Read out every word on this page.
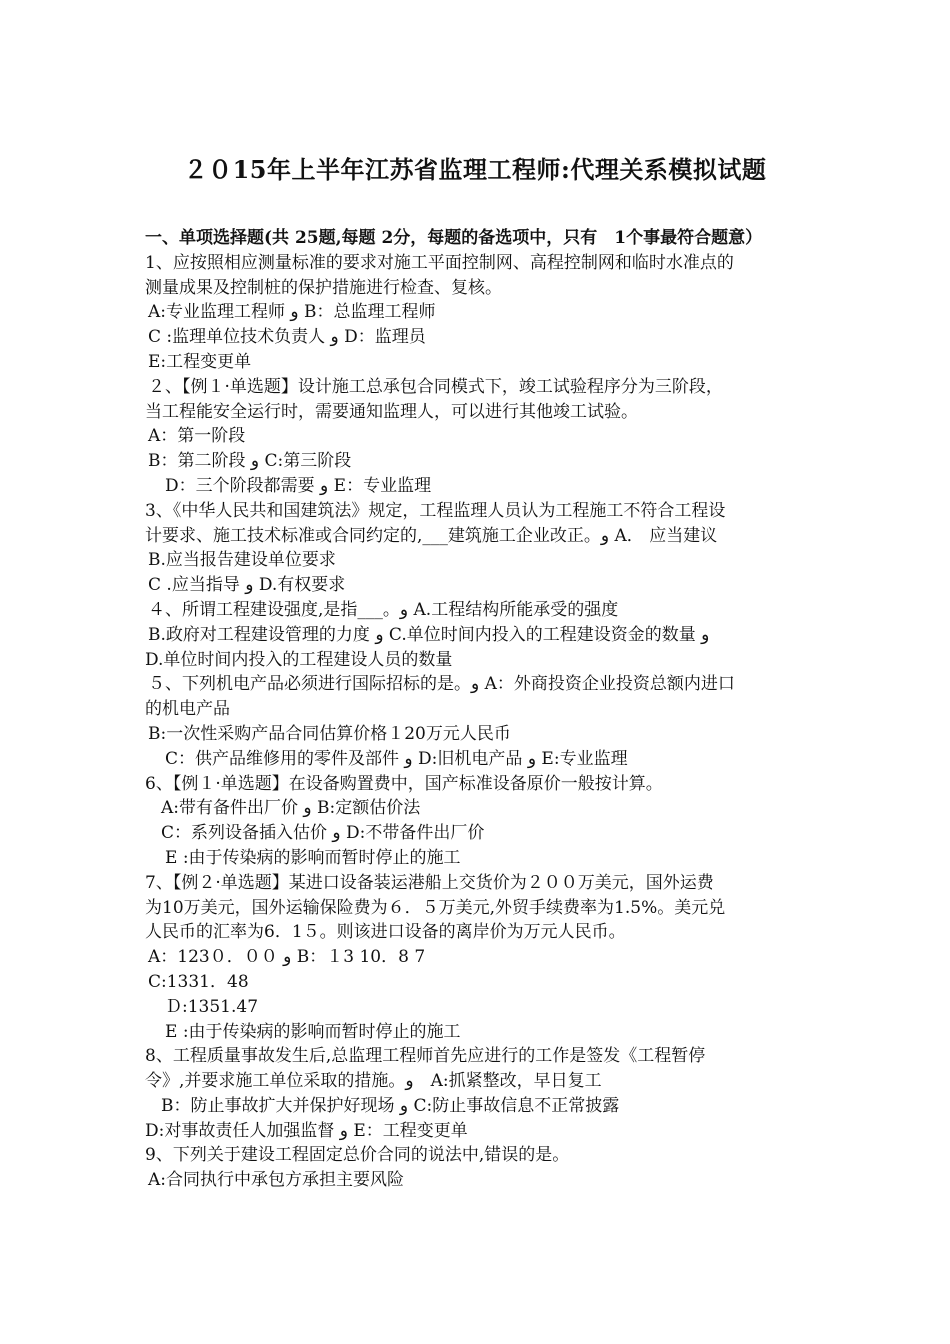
２０15年上半年江苏省监理工程师:代理关系模拟试题

一、单项选择题(共 25题,每题 2分，每题的备选项中，只有　1个事最符合题意）

1、应按照相应测量标准的要求对施工平面控制网、高程控制网和临时水准点的

测量成果及控制桩的保护措施进行检查、复核。

A:专业监理工程师 و B：总监理工程师

C :监理单位技术负责人 و D：监理员

E:工程变更单

２、【例１·单选题】设计施工总承包合同模式下，竣工试验程序分为三阶段，

当工程能安全运行时，需要通知监理人，可以进行其他竣工试验。

A：第一阶段

B：第二阶段 و C:第三阶段

D：三个阶段都需要 و E：专业监理

3、《中华人民共和国建筑法》规定，工程监理人员认为工程施工不符合工程设

计要求、施工技术标准或合同约定的,___建筑施工企业改正。و A． 应当建议

B.应当报告建设单位要求

C .应当指导 و D.有权要求

４、所谓工程建设强度,是指___。و A.工程结构所能承受的强度

B.政府对工程建设管理的力度 و C.单位时间内投入的工程建设资金的数量 و

D.单位时间内投入的工程建设人员的数量

５、下列机电产品必须进行国际招标的是。و A：外商投资企业投资总额内进口

的机电产品

B:一次性采购产品合同估算价格１20万元人民币

C：供产品维修用的零件及部件 و D:旧机电产品 و E:专业监理

6、【例１·单选题】在设备购置费中，国产标准设备原价一般按计算。

A:带有备件出厂价 و B:定额估价法

C：系列设备插入估价 و D:不带备件出厂价

E :由于传染病的影响而暂时停止的施工

7、【例２·单选题】某进口设备装运港船上交货价为２００万美元，国外运费

为10万美元，国外运输保险费为６．５万美元,外贸手续费率为1.5%。美元兑

人民币的汇率为6．1５。则该进口设备的离岸价为万元人民币。

A：123０．００ و B：１3 10．8 7

C:1331．48

Ｄ:1351.47

E :由于传染病的影响而暂时停止的施工

8、工程质量事故发生后,总监理工程师首先应进行的工作是签发《工程暂停

令》,并要求施工单位采取的措施。و　A:抓紧整改，早日复工

B：防止事故扩大并保护好现场 و C:防止事故信息不正常披露

D:对事故责任人加强监督 و E：工程变更单

9、下列关于建设工程固定总价合同的说法中,错误的是。

A:合同执行中承包方承担主要风险
